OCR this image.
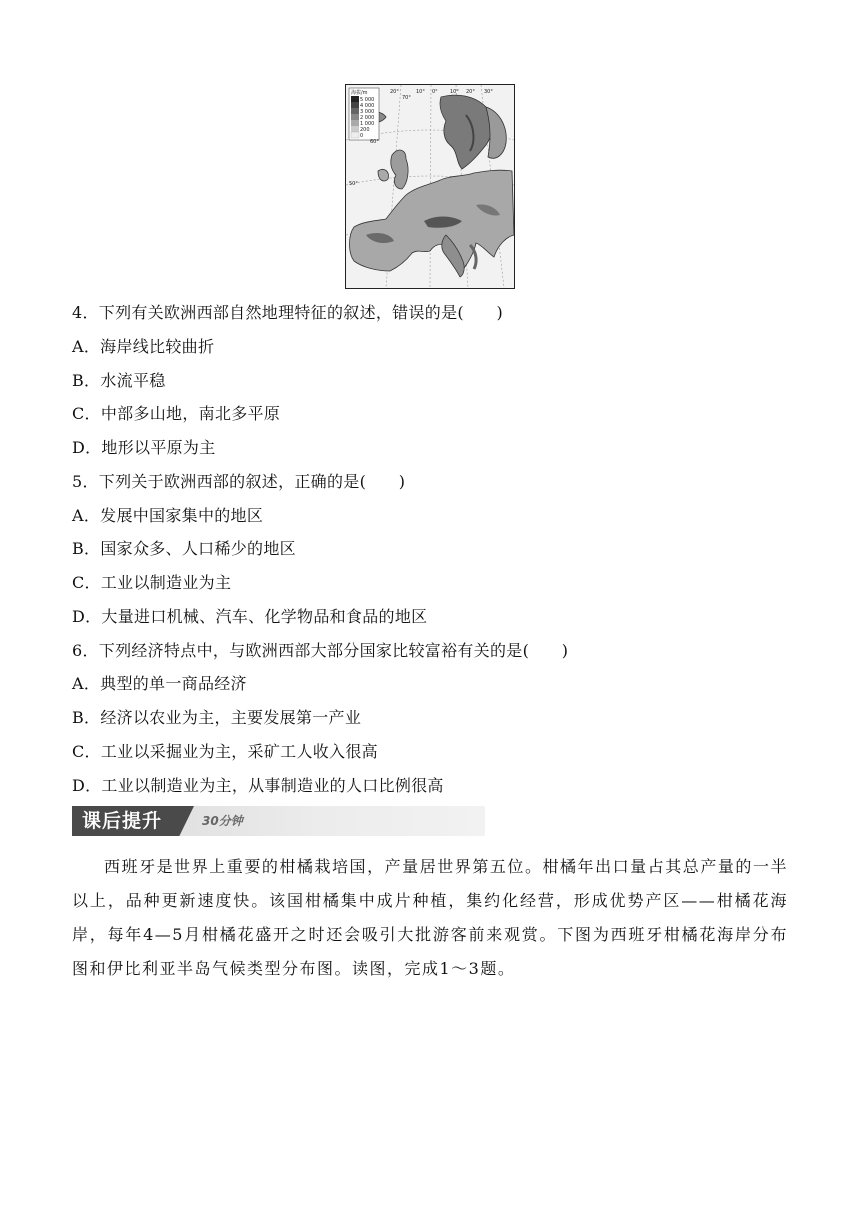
海拔/m
5 000
4 000
3 000
2 000
1 000
200
0
20°	10° 0° 10° 20° 30°
70°
60°
50°
4．下列有关欧洲西部自然地理特征的叙述，错误的是(　　)
A．海岸线比较曲折
B．水流平稳
C．中部多山地，南北多平原
D．地形以平原为主
5．下列关于欧洲西部的叙述，正确的是(　　)
A．发展中国家集中的地区
B．国家众多、人口稀少的地区
C．工业以制造业为主
D．大量进口机械、汽车、化学物品和食品的地区
6．下列经济特点中，与欧洲西部大部分国家比较富裕有关的是(　　)
A．典型的单一商品经济
B．经济以农业为主，主要发展第一产业
C．工业以采掘业为主，采矿工人收入很高
D．工业以制造业为主，从事制造业的人口比例很高
课后提升	30分钟
西班牙是世界上重要的柑橘栽培国，产量居世界第五位。柑橘年出口量占其总产量的一半以上，品种更新速度快。该国柑橘集中成片种植，集约化经营，形成优势产区——柑橘花海岸，每年4—5月柑橘花盛开之时还会吸引大批游客前来观赏。下图为西班牙柑橘花海岸分布图和伊比利亚半岛气候类型分布图。读图，完成1～3题。
